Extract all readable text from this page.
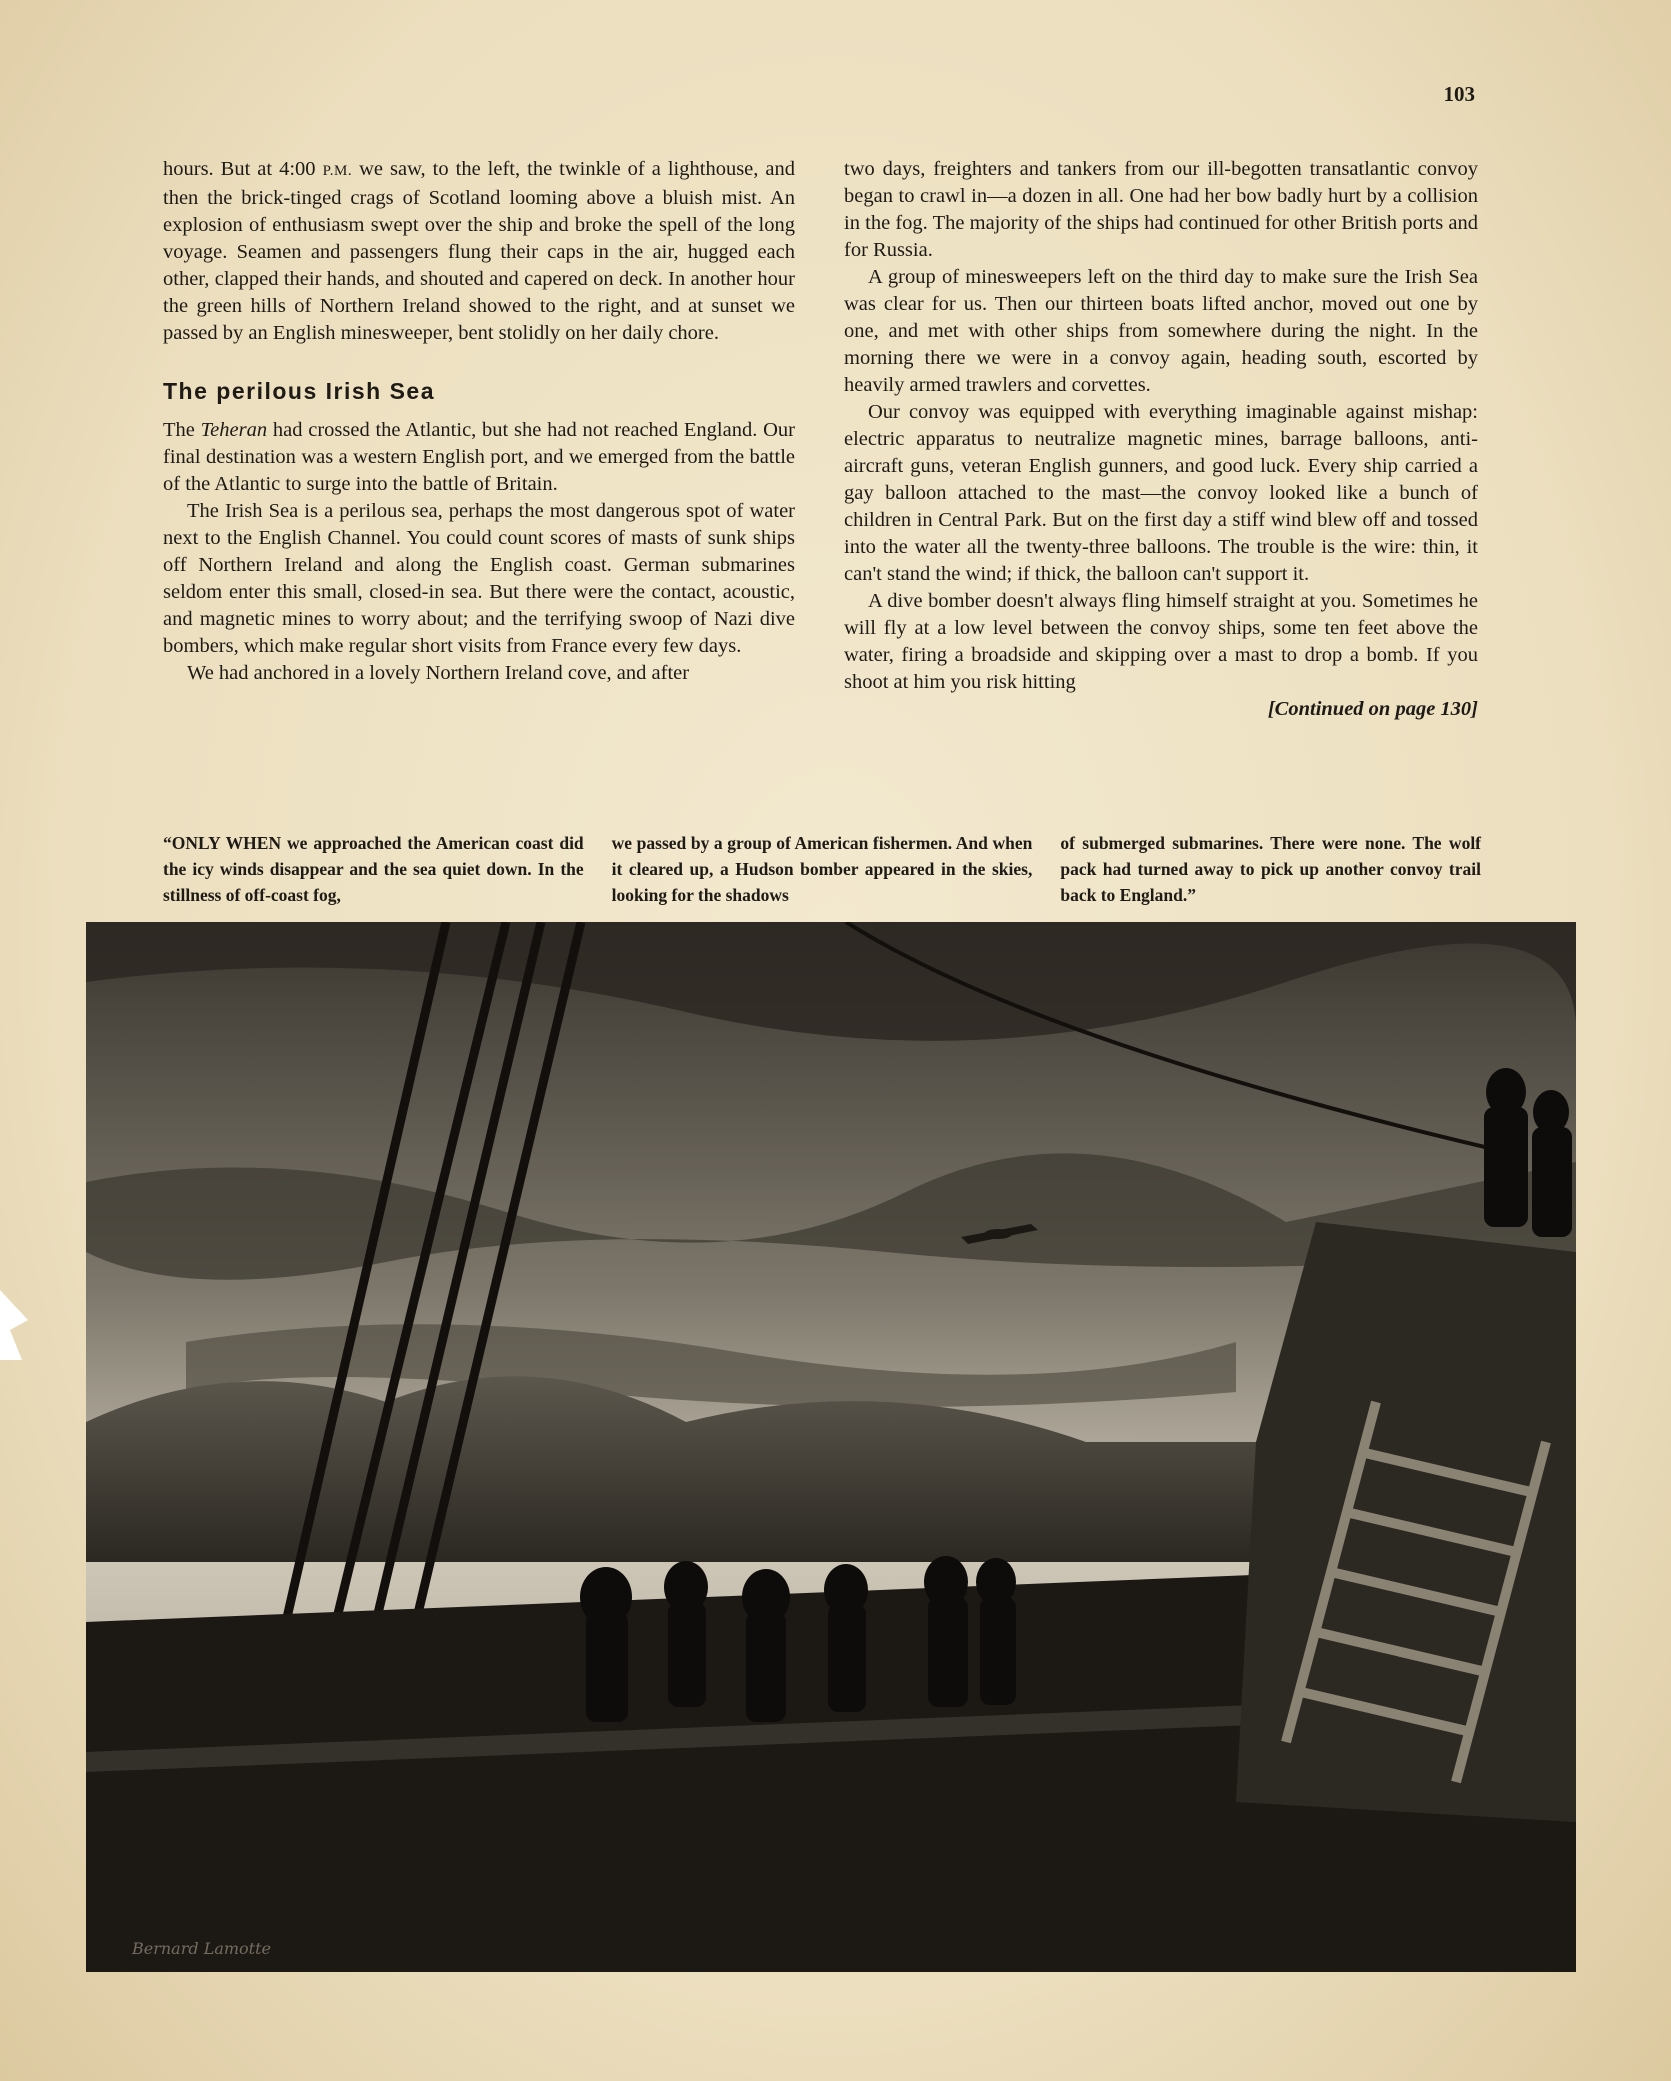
103

hours. But at 4:00 P.M. we saw, to the left, the twinkle of a lighthouse, and then the brick-tinged crags of Scotland looming above a bluish mist. An explosion of enthusiasm swept over the ship and broke the spell of the long voyage. Seamen and passengers flung their caps in the air, hugged each other, clapped their hands, and shouted and capered on deck. In another hour the green hills of Northern Ireland showed to the right, and at sunset we passed by an English minesweeper, bent stolidly on her daily chore.

The perilous Irish Sea

The Teheran had crossed the Atlantic, but she had not reached England. Our final destination was a western English port, and we emerged from the battle of the Atlantic to surge into the battle of Britain.

The Irish Sea is a perilous sea, perhaps the most dangerous spot of water next to the English Channel. You could count scores of masts of sunk ships off Northern Ireland and along the English coast. German submarines seldom enter this small, closed-in sea. But there were the contact, acoustic, and magnetic mines to worry about; and the terrifying swoop of Nazi dive bombers, which make regular short visits from France every few days.

We had anchored in a lovely Northern Ireland cove, and after

two days, freighters and tankers from our ill-begotten transatlantic convoy began to crawl in—a dozen in all. One had her bow badly hurt by a collision in the fog. The majority of the ships had continued for other British ports and for Russia.

A group of minesweepers left on the third day to make sure the Irish Sea was clear for us. Then our thirteen boats lifted anchor, moved out one by one, and met with other ships from somewhere during the night. In the morning there we were in a convoy again, heading south, escorted by heavily armed trawlers and corvettes.

Our convoy was equipped with everything imaginable against mishap: electric apparatus to neutralize magnetic mines, barrage balloons, anti-aircraft guns, veteran English gunners, and good luck. Every ship carried a gay balloon attached to the mast—the convoy looked like a bunch of children in Central Park. But on the first day a stiff wind blew off and tossed into the water all the twenty-three balloons. The trouble is the wire: thin, it can't stand the wind; if thick, the balloon can't support it.

A dive bomber doesn't always fling himself straight at you. Sometimes he will fly at a low level between the convoy ships, some ten feet above the water, firing a broadside and skipping over a mast to drop a bomb. If you shoot at him you risk hitting

[Continued on page 130]

“ONLY WHEN we approached the American coast did the icy winds disappear and the sea quiet down. In the stillness of off-coast fog,
we passed by a group of American fishermen. And when it cleared up, a Hudson bomber appeared in the skies, looking for the shadows
of submerged submarines. There were none. The wolf pack had turned away to pick up another convoy trail back to England.”
Bernard Lamotte
